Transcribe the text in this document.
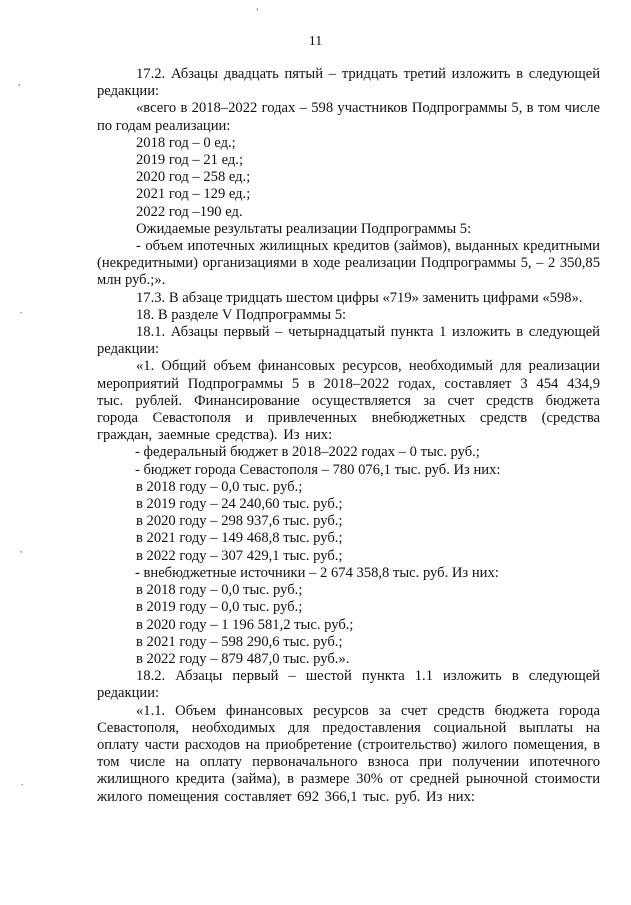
’
,
.
,
.
11

17.2. Абзацы двадцать пятый – тридцать третий изложить в следующей редакции:

«всего в 2018–2022 годах – 598 участников Подпрограммы 5, в том числе по годам реализации:

2018 год – 0 ед.;

2019 год – 21 ед.;

2020 год – 258 ед.;

2021 год – 129 ед.;

2022 год –190 ед.

Ожидаемые результаты реализации Подпрограммы 5:

- объем ипотечных жилищных кредитов (займов), выданных кредитными (некредитными) организациями в ходе реализации Подпрограммы 5, – 2 350,85 млн руб.;».

17.3. В абзаце тридцать шестом цифры «719» заменить цифрами «598».

18. В разделе V Подпрограммы 5:

18.1. Абзацы первый – четырнадцатый пункта 1 изложить в следующей редакции:

«1. Общий объем финансовых ресурсов, необходимый для реализации мероприятий Подпрограммы 5 в 2018–2022 годах, составляет 3 454 434,9 тыс. рублей. Финансирование осуществляется за счет средств бюджета города Севастополя и привлеченных внебюджетных средств (средства граждан, заемные средства). Из них:

- федеральный бюджет в 2018–2022 годах – 0 тыс. руб.;

- бюджет города Севастополя – 780 076,1 тыс. руб. Из них:

в 2018 году – 0,0 тыс. руб.;

в 2019 году – 24 240,60 тыс. руб.;

в 2020 году – 298 937,6 тыс. руб.;

в 2021 году – 149 468,8 тыс. руб.;

в 2022 году – 307 429,1 тыс. руб.;

- внебюджетные источники – 2 674 358,8 тыс. руб. Из них:

в 2018 году – 0,0 тыс. руб.;

в 2019 году – 0,0 тыс. руб.;

в 2020 году – 1 196 581,2 тыс. руб.;

в 2021 году – 598 290,6 тыс. руб.;

в 2022 году – 879 487,0 тыс. руб.».

18.2. Абзацы первый – шестой пункта 1.1 изложить в следующей редакции:

«1.1. Объем финансовых ресурсов за счет средств бюджета города Севастополя, необходимых для предоставления социальной выплаты на оплату части расходов на приобретение (строительство) жилого помещения, в том числе на оплату первоначального взноса при получении ипотечного жилищного кредита (займа), в размере 30% от средней рыночной стоимости жилого помещения составляет 692 366,1 тыс. руб. Из них:
